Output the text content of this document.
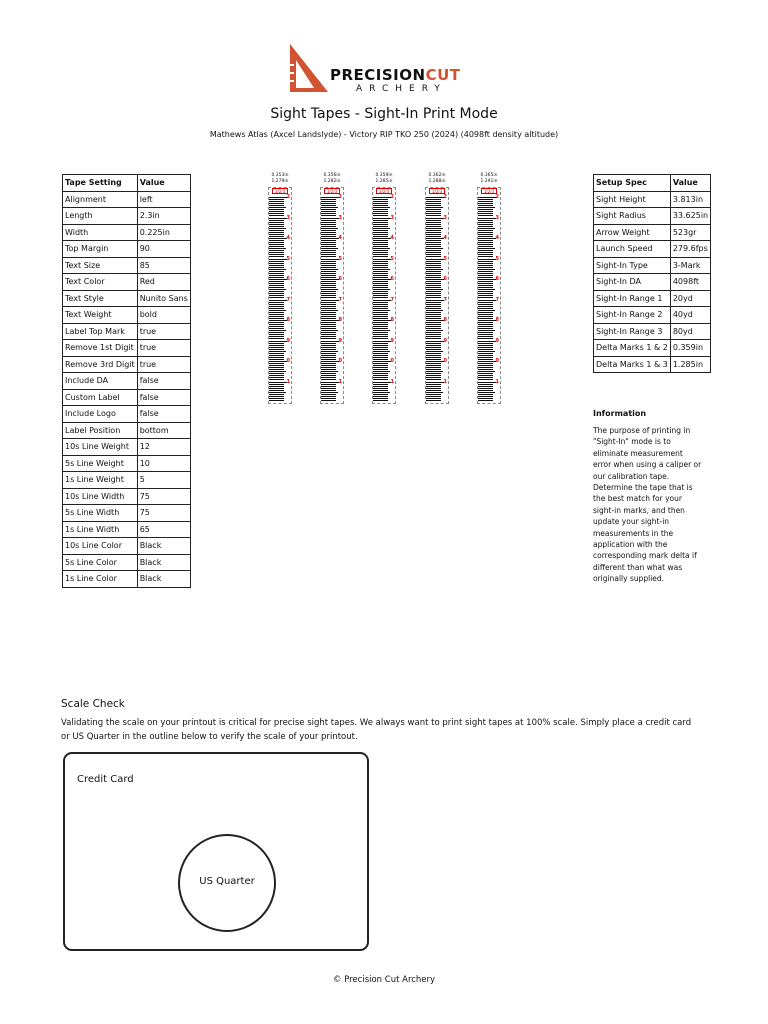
PRECISIONCUT
ARCHERY
Sight Tapes - Sight-In Print Mode
Mathews Atlas (Axcel Landslyde) - Victory RIP TKO 250 (2024) (4098ft density altitude)
Tape Setting	Value
Alignment	left
Length	2.3in
Width	0.225in
Top Margin	90
Text Size	85
Text Color	Red
Text Style	Nunito Sans
Text Weight	bold
Label Top Mark	true
Remove 1st Digit	true
Remove 3rd Digit	true
Include DA	false
Custom Label	false
Include Logo	false
Label Position	bottom
10s Line Weight	12
5s Line Weight	10
1s Line Weight	5
10s Line Width	75
5s Line Width	75
1s Line Width	65
10s Line Color	Black
5s Line Color	Black
1s Line Color	Black
Setup Spec	Value
Sight Height	3.813in
Sight Radius	33.625in
Arrow Weight	523gr
Launch Speed	279.6fps
Sight-In Type	3-Mark
Sight-In DA	4098ft
Sight-In Range 1	20yd
Sight-In Range 2	40yd
Sight-In Range 3	80yd
Delta Marks 1 & 2	0.359in
Delta Marks 1 & 3	1.285in
0.353in
1.279in
1/2/3
2
3
4
5
6
7
8
9
0
1
0.356in
1.282in
1/2/3
2
3
4
5
6
7
8
9
0
1
0.359in
1.285in
1/2/3
2
3
4
5
6
7
8
9
0
1
0.362in
1.288in
1/2/3
2
3
4
5
6
7
8
9
0
1
0.365in
1.291in
1/2/3
2
3
4
5
6
7
8
9
0
1
Information
The purpose of printing in "Sight-In" mode is to eliminate measurement error when using a caliper or our calibration tape. Determine the tape that is the best match for your sight-in marks, and then update your sight-in measurements in the application with the corresponding mark delta if different than what was originally supplied.
Scale Check
Validating the scale on your printout is critical for precise sight tapes. We always want to print sight tapes at 100% scale. Simply place a credit card or US Quarter in the outline below to verify the scale of your printout.
Credit Card
US Quarter
© Precision Cut Archery
